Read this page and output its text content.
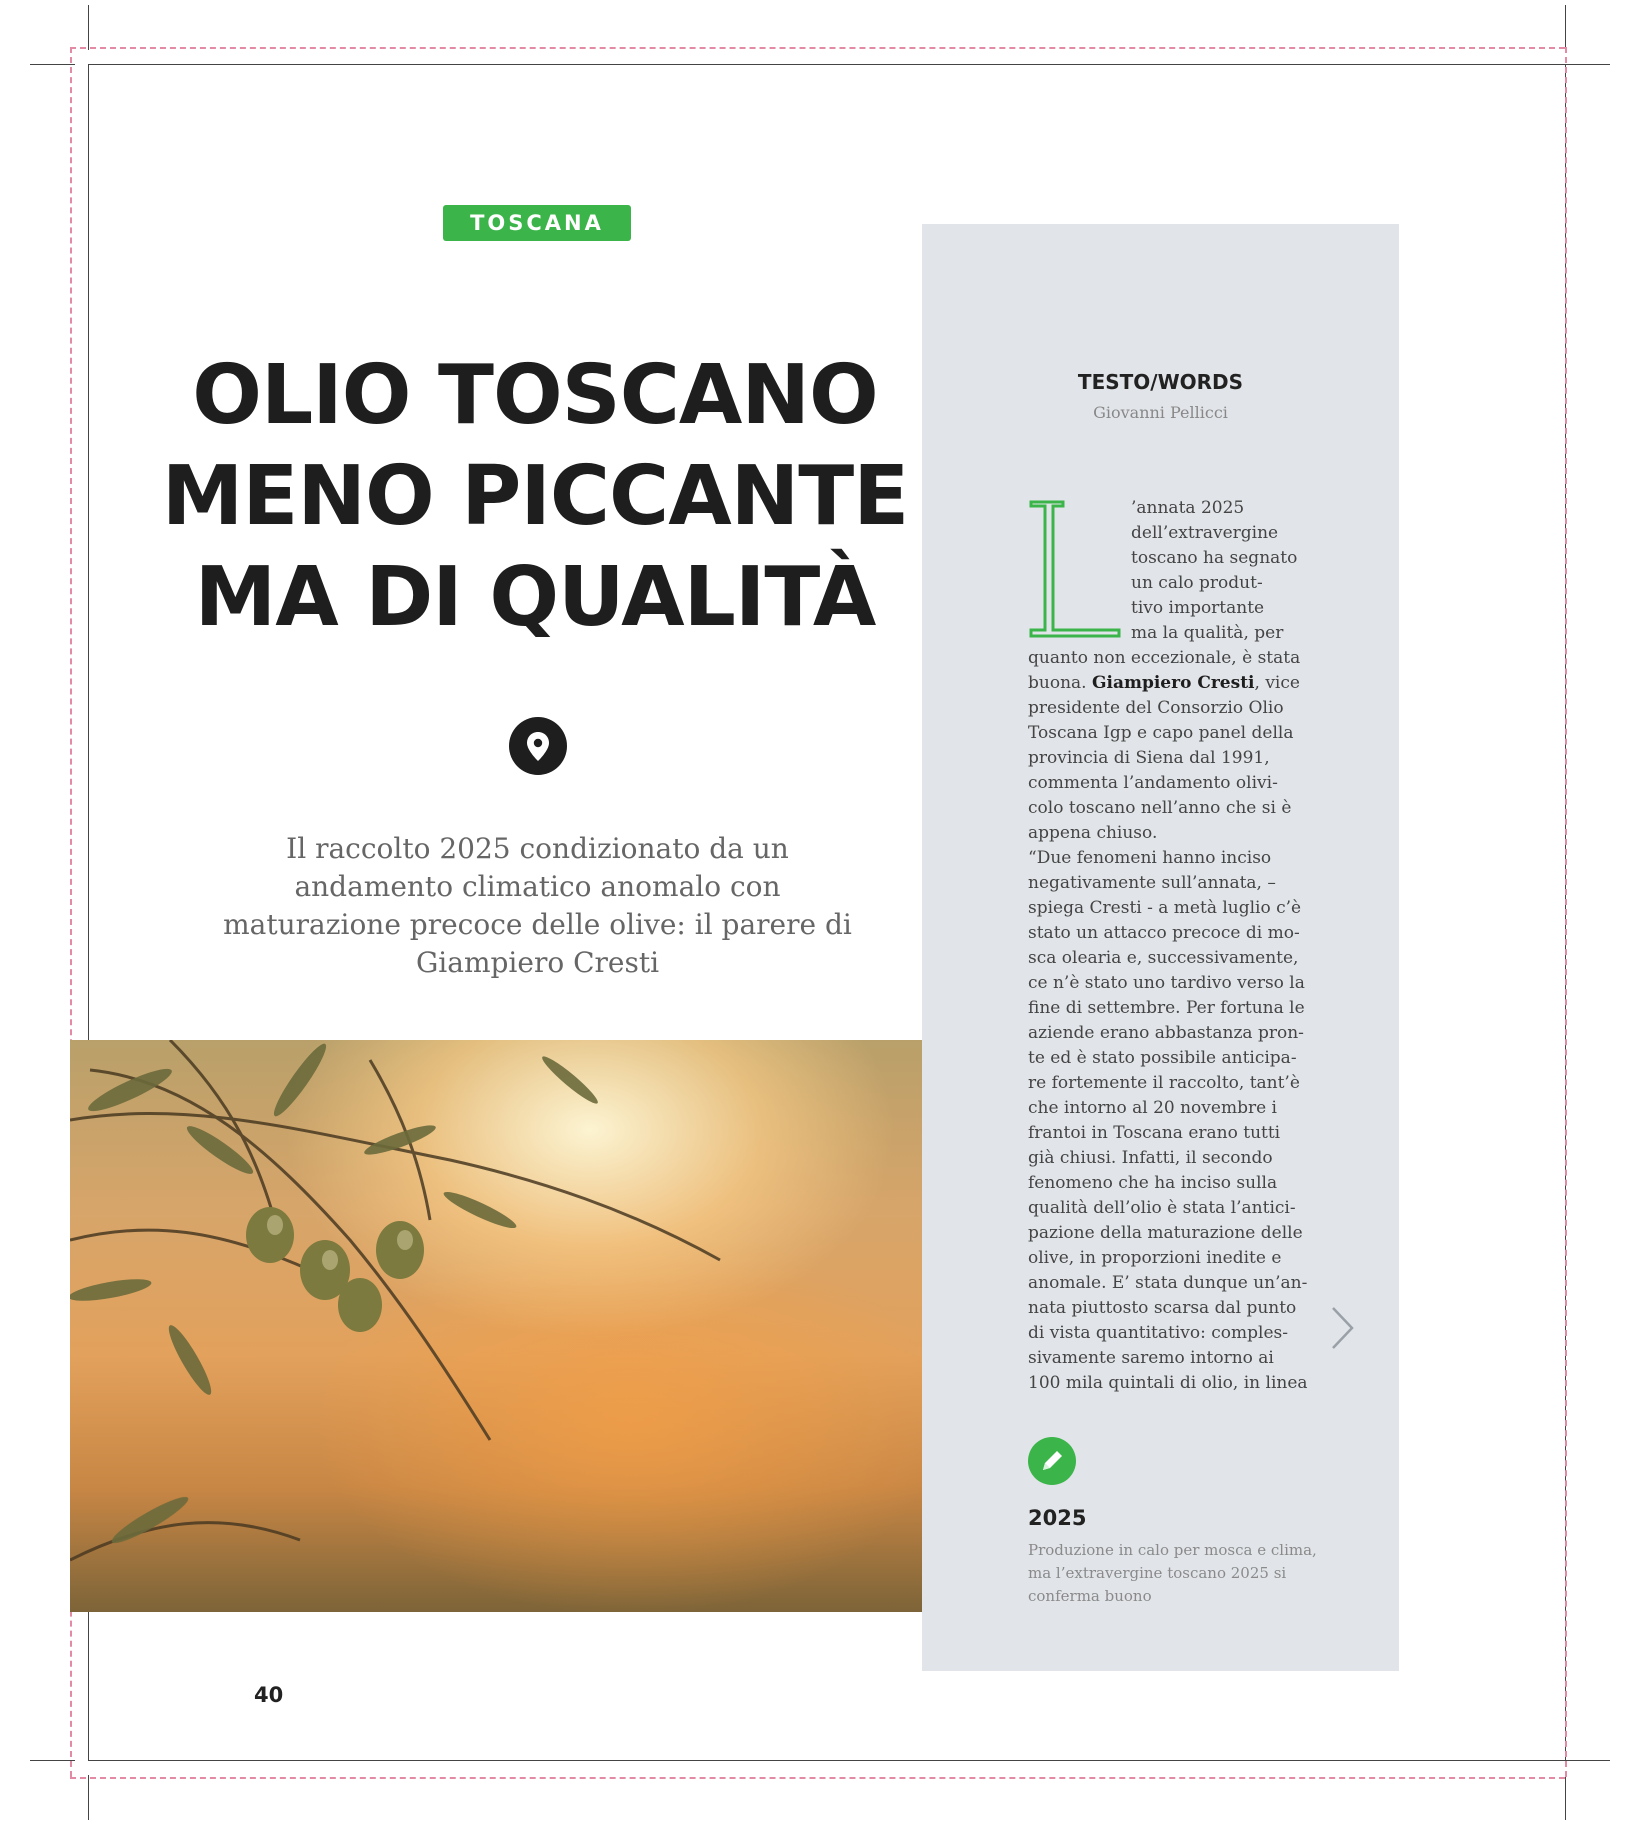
TOSCANA
OLIO TOSCANO
MENO PICCANTE
MA DI QUALITÀ
Il raccolto 2025 condizionato da un andamento climatico anomalo con maturazione precoce delle olive: il parere di Giampiero Cresti
TESTO/WORDS
Giovanni Pellicci
’annata 2025
dell’extravergine
toscano ha segnato
un calo produt-
tivo importante
ma la qualità, per
quanto non eccezionale, è stata
buona. Giampiero Cresti, vice
presidente del Consorzio Olio
Toscana Igp e capo panel della
provincia di Siena dal 1991,
commenta l’andamento olivi-
colo toscano nell’anno che si è
appena chiuso.
“Due fenomeni hanno inciso
negativamente sull’annata, –
spiega Cresti - a metà luglio c’è
stato un attacco precoce di mo-
sca olearia e, successivamente,
ce n’è stato uno tardivo verso la
fine di settembre. Per fortuna le
aziende erano abbastanza pron-
te ed è stato possibile anticipa-
re fortemente il raccolto, tant’è
che intorno al 20 novembre i
frantoi in Toscana erano tutti
già chiusi. Infatti, il secondo
fenomeno che ha inciso sulla
qualità dell’olio è stata l’antici-
pazione della maturazione delle
olive, in proporzioni inedite e
anomale. E’ stata dunque un’an-
nata piuttosto scarsa dal punto
di vista quantitativo: comples-
sivamente saremo intorno ai
100 mila quintali di olio, in linea
2025
Produzione in calo per mosca e clima,
ma l’extravergine toscano 2025 si
conferma buono
40
